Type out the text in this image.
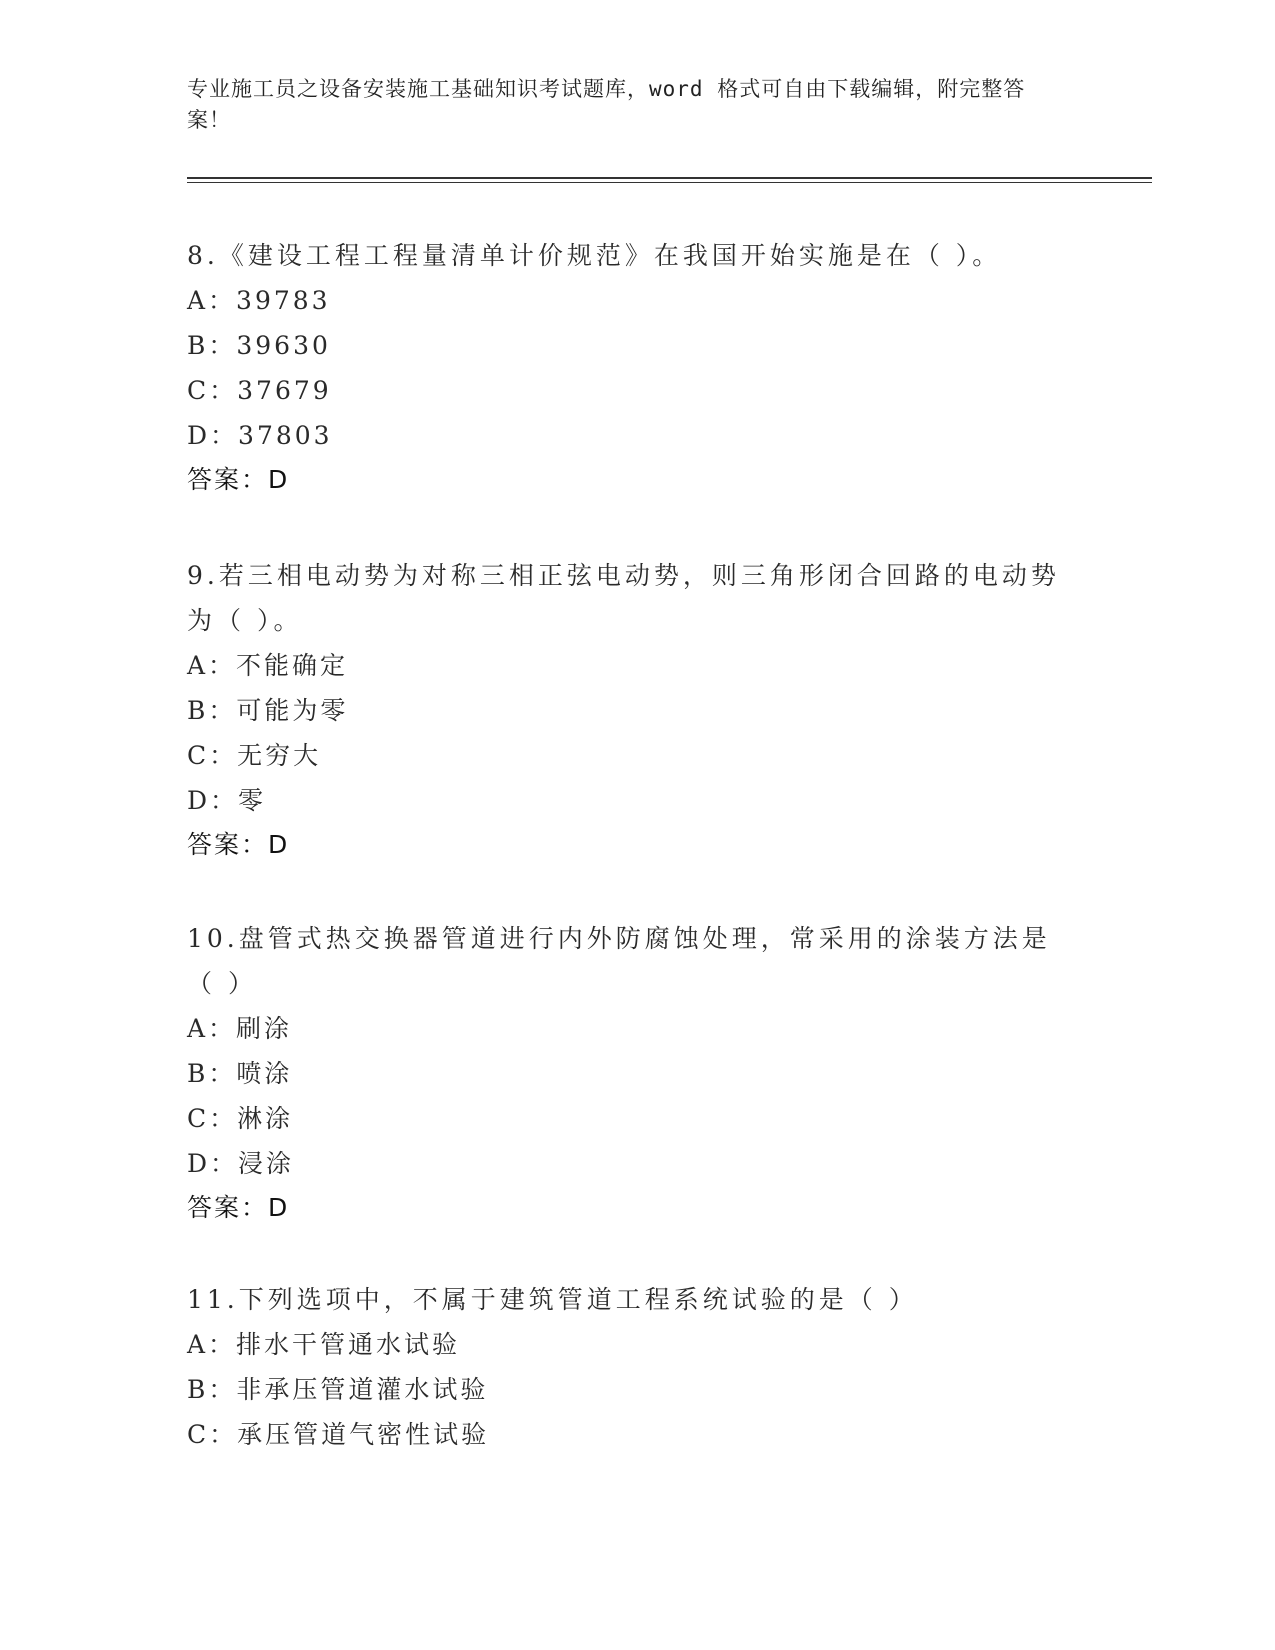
专业施工员之设备安装施工基础知识考试题库，word 格式可自由下载编辑，附完整答案！

8.《建设工程工程量清单计价规范》在我国开始实施是在（ ）。

A：39783

B：39630

C：37679

D：37803

答案：D

9.若三相电动势为对称三相正弦电动势，则三角形闭合回路的电动势为（ ）。

A：不能确定

B：可能为零

C：无穷大

D：零

答案：D

10.盘管式热交换器管道进行内外防腐蚀处理，常采用的涂装方法是（ ）

A：刷涂

B：喷涂

C：淋涂

D：浸涂

答案：D

11.下列选项中，不属于建筑管道工程系统试验的是（ ）

A：排水干管通水试验

B：非承压管道灌水试验

C：承压管道气密性试验
